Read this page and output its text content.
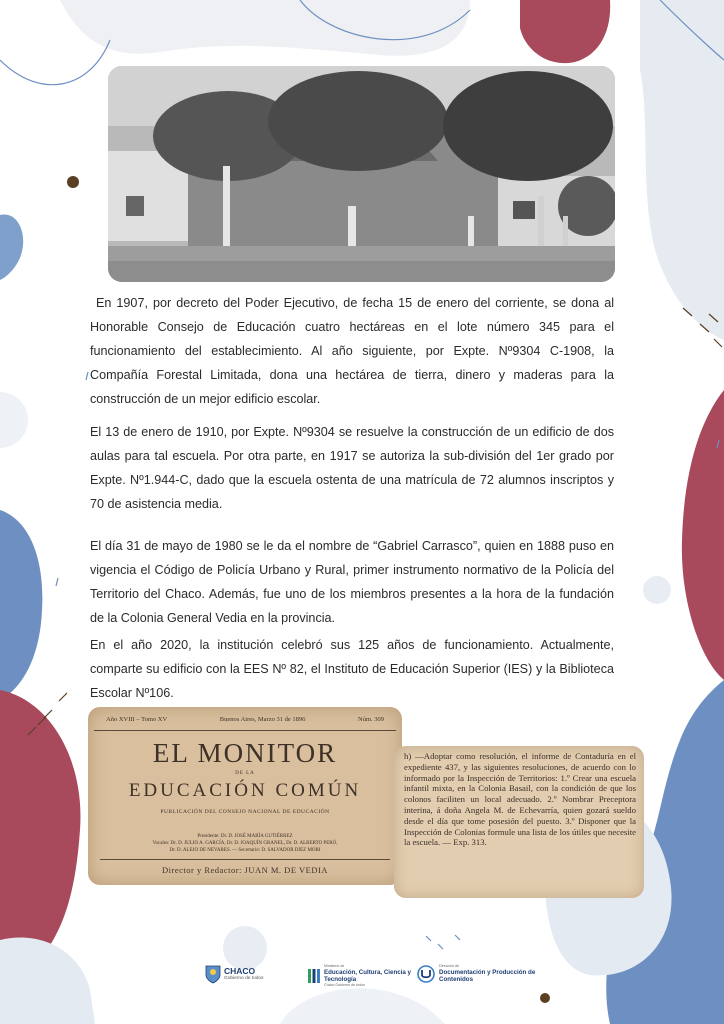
En 1907, por decreto del Poder Ejecutivo, de fecha 15 de enero del corriente, se dona al Honorable Consejo de Educación cuatro hectáreas en el lote número 345 para el funcionamiento del establecimiento. Al año siguiente, por Expte. Nº9304 C-1908, la Compañía Forestal Limitada, dona una hectárea de tierra, dinero y maderas para la construcción de un mejor edificio escolar.

El 13 de enero de 1910, por Expte. Nº9304 se resuelve la construcción de un edificio de dos aulas para tal escuela. Por otra parte, en 1917 se autoriza la sub-división del 1er grado por Expte. Nº1.944-C, dado que la escuela ostenta de una matrícula de 72 alumnos inscriptos y 70 de asistencia media.

El día 31 de mayo de 1980 se le da el nombre de “Gabriel Carrasco”, quien en 1888 puso en vigencia el Código de Policía Urbano y Rural, primer instrumento normativo de la Policía del Territorio del Chaco. Además, fue uno de los miembros presentes a la hora de la fundación de la Colonia General Vedia en la provincia.

En el año 2020, la institución celebró sus 125 años de funcionamiento. Actualmente, comparte su edificio con la EES Nº 82, el Instituto de Educación Superior (IES) y la Biblioteca Escolar Nº106.

Año XVIII – Tomo XV	Buenos Aires, Marzo 31 de 1896	Núm. 309
EL MONITOR
DE LA
EDUCACIÓN COMÚN
PUBLICACIÓN DEL CONSEJO NACIONAL DE EDUCACIÓN
Presidente: Dr. D. JOSÉ MARÍA GUTIÉRREZ
Vocales: Dr. D. JULIO A. GARCÍA, Dr. D. JOAQUÍN GRANEL, Dr. D. ALBERTO PERÓ,
Dr. D. ALEJO DE NEVARES. — Secretario: D. SALVADOR DIEZ MORI
Director y Redactor: JUAN M. DE VEDIA
h) —Adoptar como resolución, el informe de Contaduría en el expediente 437, y las siguientes resoluciones, de acuerdo con lo informado por la Inspección de Territorios: 1.º Crear una escuela infantil mixta, en la Colonia Basail, con la condición de que los colonos faciliten un local adecuado. 2.º Nombrar Preceptora interina, á doña Angela M. de Echevarría, quien gozará sueldo desde el día que tome posesión del puesto. 3.º Disponer que la Inspección de Colonias formule una lista de los útiles que necesite la escuela. — Exp. 313.
CHACO
Gobierno de todos
Ministerio de
Educación, Cultura, Ciencia y Tecnología
Chaco Gobierno de todos
Dirección de
Documentación y Producción de Contenidos
